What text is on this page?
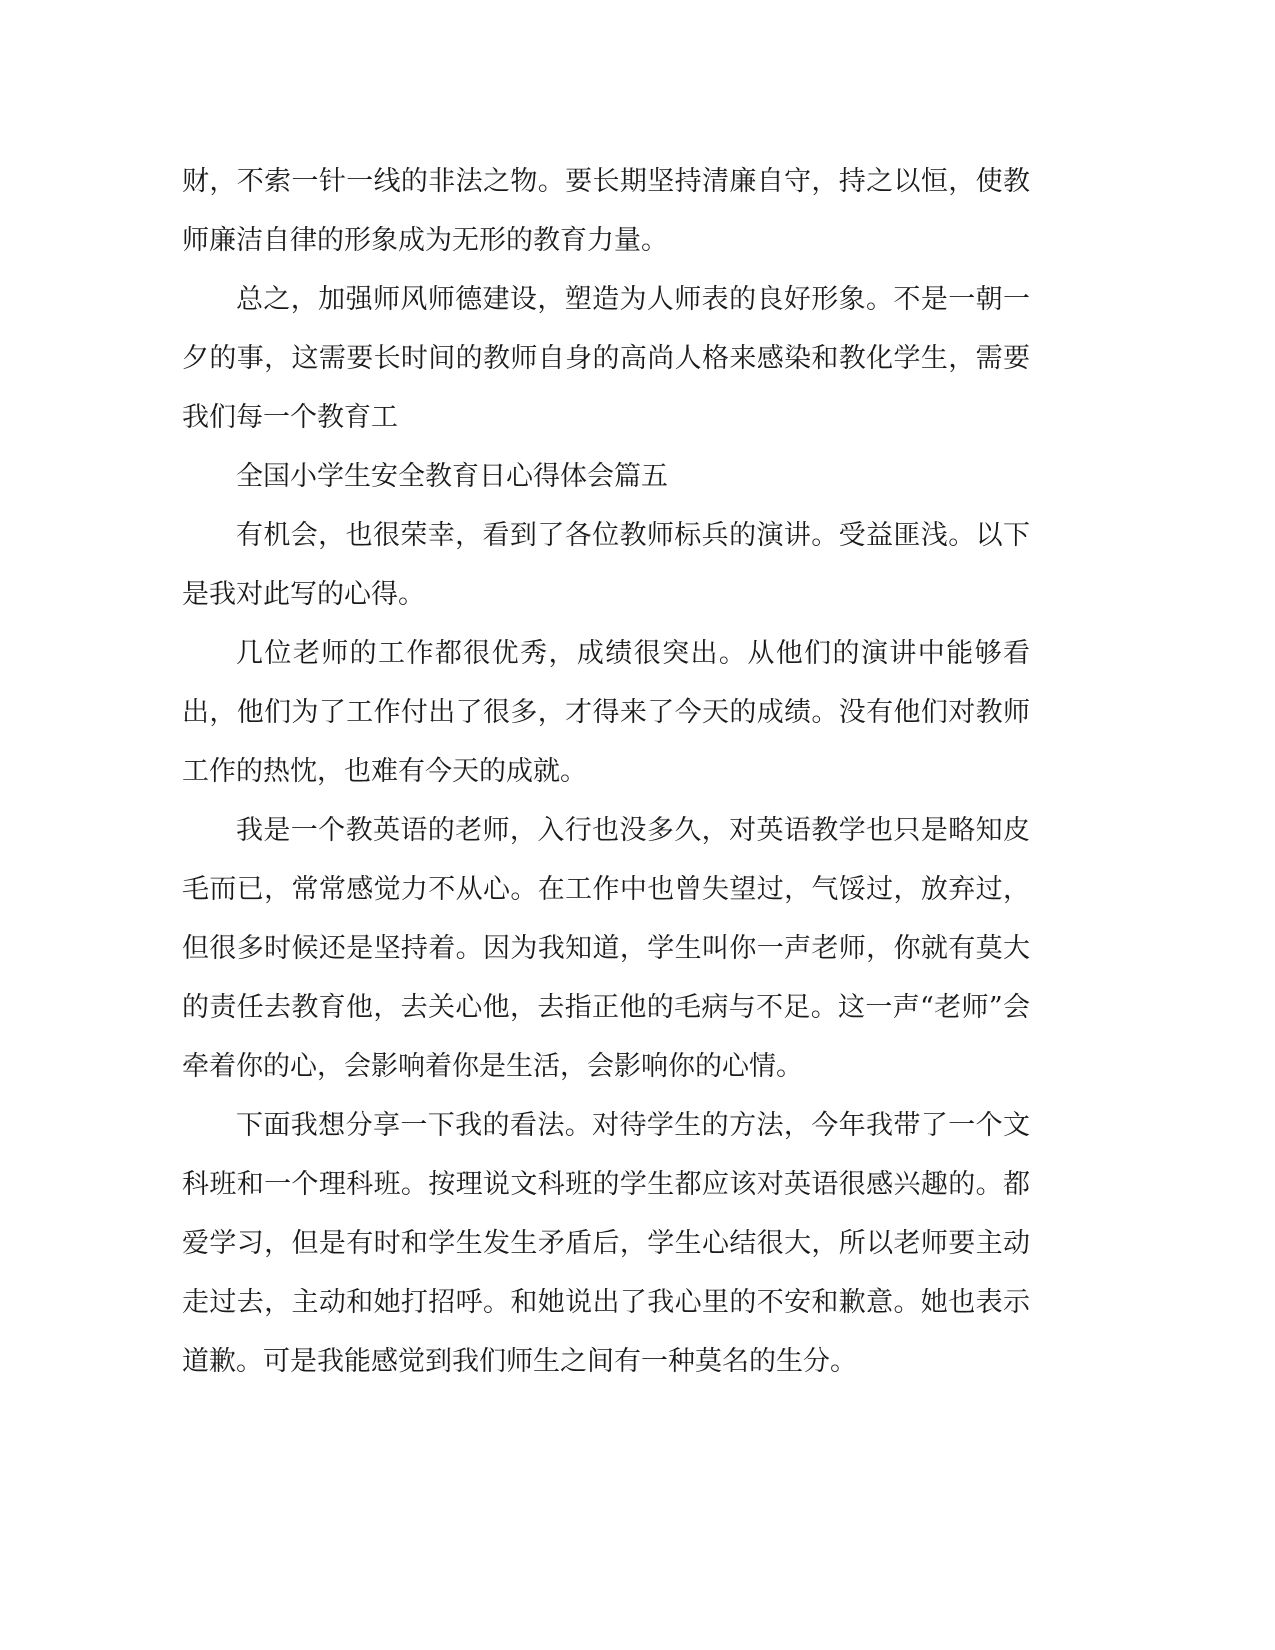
财，不索一针一线的非法之物。要长期坚持清廉自守，持之以恒，使教师廉洁自律的形象成为无形的教育力量。

总之，加强师风师德建设，塑造为人师表的良好形象。不是一朝一夕的事，这需要长时间的教师自身的高尚人格来感染和教化学生，需要我们每一个教育工

全国小学生安全教育日心得体会篇五

有机会，也很荣幸，看到了各位教师标兵的演讲。受益匪浅。以下是我对此写的心得。

几位老师的工作都很优秀，成绩很突出。从他们的演讲中能够看出，他们为了工作付出了很多，才得来了今天的成绩。没有他们对教师工作的热忱，也难有今天的成就。

我是一个教英语的老师，入行也没多久，对英语教学也只是略知皮毛而已，常常感觉力不从心。在工作中也曾失望过，气馁过，放弃过，但很多时候还是坚持着。因为我知道，学生叫你一声老师，你就有莫大的责任去教育他，去关心他，去指正他的毛病与不足。这一声“老师”会牵着你的心，会影响着你是生活，会影响你的心情。

下面我想分享一下我的看法。对待学生的方法，今年我带了一个文科班和一个理科班。按理说文科班的学生都应该对英语很感兴趣的。都爱学习，但是有时和学生发生矛盾后，学生心结很大，所以老师要主动走过去，主动和她打招呼。和她说出了我心里的不安和歉意。她也表示道歉。可是我能感觉到我们师生之间有一种莫名的生分。
